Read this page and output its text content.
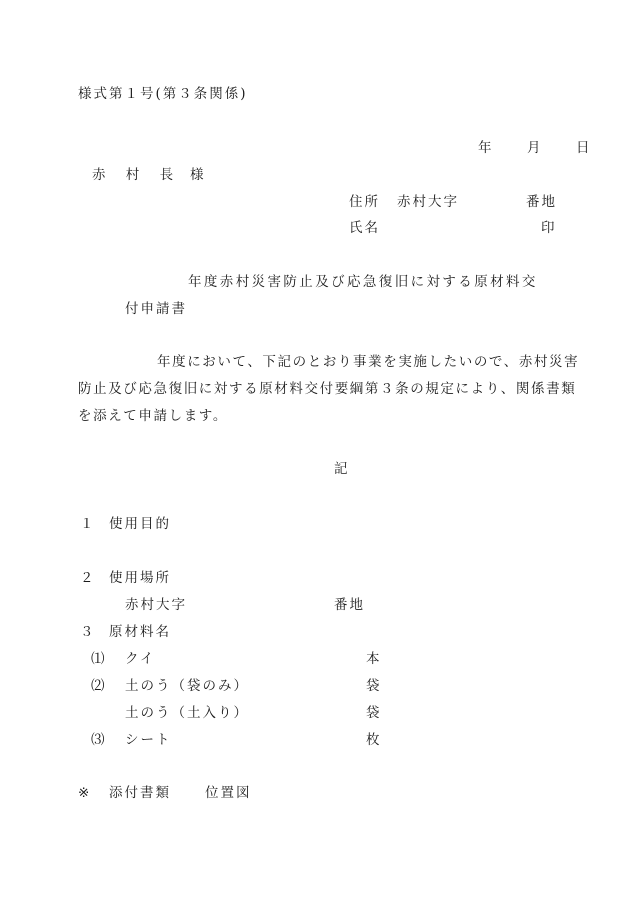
様式第１号(第３条関係)
年 月 日
赤 村 長 様
住所 赤村大字	番地
氏名	印
年度赤村災害防止及び応急復旧に対する原材料交
付申請書
年度において、下記のとおり事業を実施したいので、赤村災害
防止及び応急復旧に対する原材料交付要綱第３条の規定により、関係書類
を添えて申請します。
記
１ 使用目的
２ 使用場所
赤村大字	番地
３ 原材料名
⑴ クイ	本
⑵ 土のう（袋のみ）	袋
土のう（土入り）	袋
⑶ シート	枚
※ 添付書類	位置図
